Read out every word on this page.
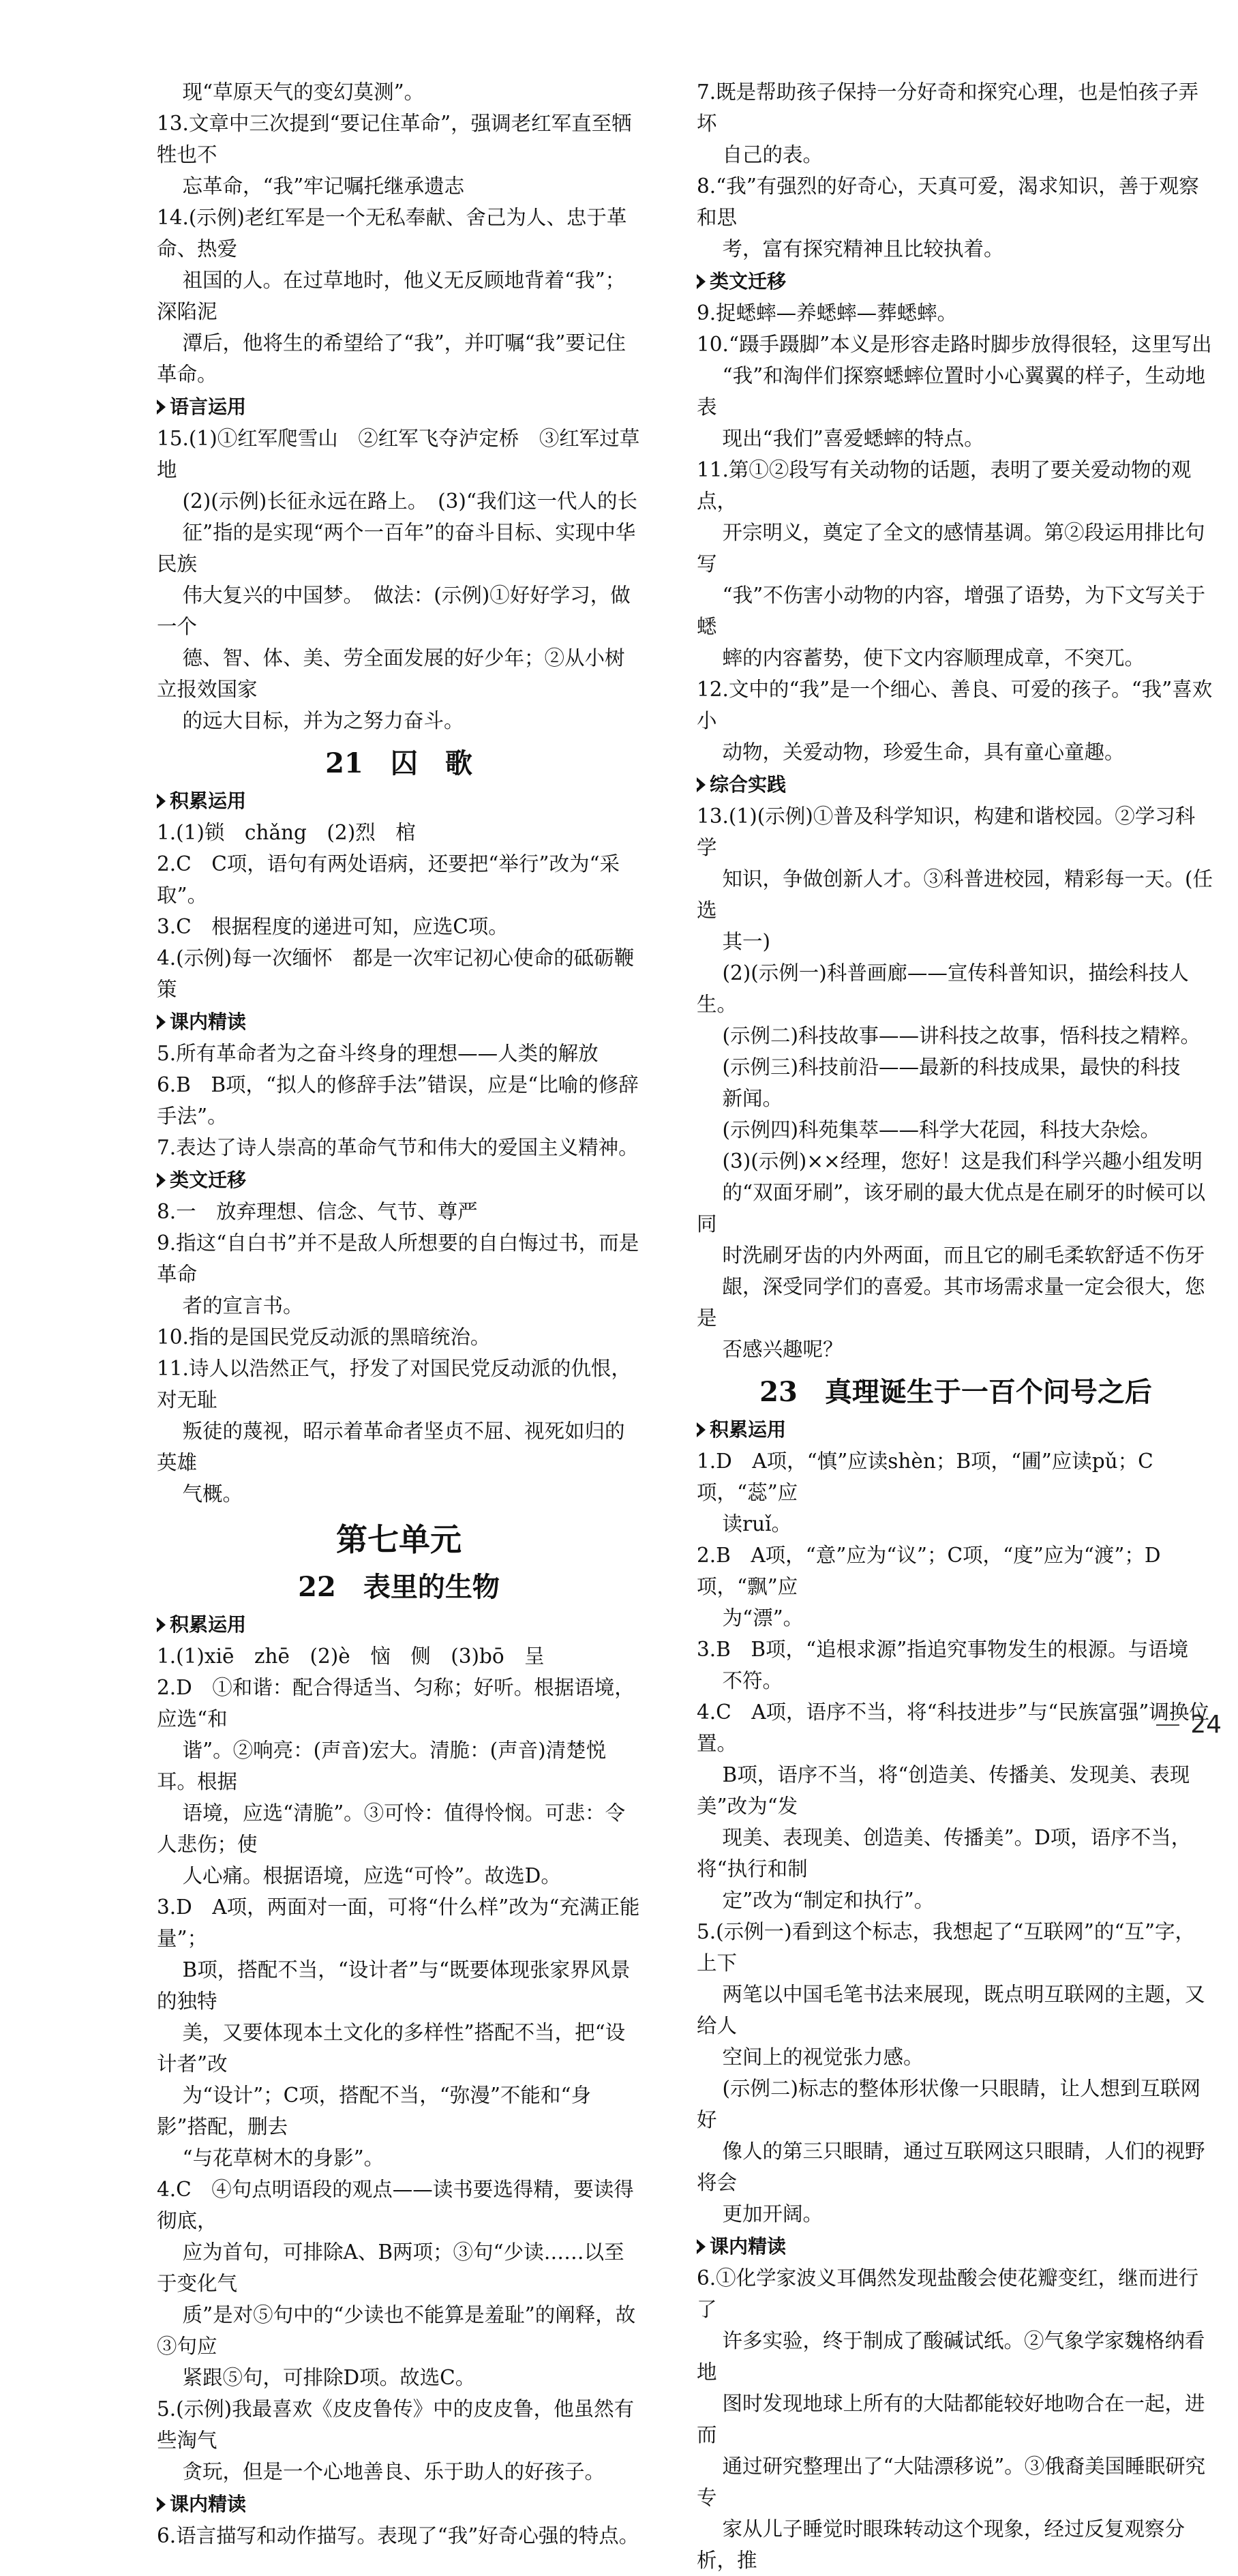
现“草原天气的变幻莫测”。
13.文章中三次提到“要记住革命”，强调老红军直至牺牲也不
忘革命，“我”牢记嘱托继承遗志
14.(示例)老红军是一个无私奉献、舍己为人、忠于革命、热爱
祖国的人。在过草地时，他义无反顾地背着“我”；深陷泥
潭后，他将生的希望给了“我”，并叮嘱“我”要记住革命。
语言运用
15.(1)①红军爬雪山　②红军飞夺泸定桥　③红军过草地
(2)(示例)长征永远在路上。　(3)“我们这一代人的长
征”指的是实现“两个一百年”的奋斗目标、实现中华民族
伟大复兴的中国梦。　做法：(示例)①好好学习，做一个
德、智、体、美、劳全面发展的好少年；②从小树立报效国家
的远大目标，并为之努力奋斗。
21　囚　歌
积累运用
1.(1)锁　chǎng　(2)烈　棺
2.C　C项，语句有两处语病，还要把“举行”改为“采取”。
3.C　根据程度的递进可知，应选C项。
4.(示例)每一次缅怀　都是一次牢记初心使命的砥砺鞭策
课内精读
5.所有革命者为之奋斗终身的理想——人类的解放
6.B　B项，“拟人的修辞手法”错误，应是“比喻的修辞手法”。
7.表达了诗人崇高的革命气节和伟大的爱国主义精神。
类文迁移
8.一　放弃理想、信念、气节、尊严
9.指这“自白书”并不是敌人所想要的自白悔过书，而是革命
者的宣言书。
10.指的是国民党反动派的黑暗统治。
11.诗人以浩然正气，抒发了对国民党反动派的仇恨，对无耻
叛徒的蔑视，昭示着革命者坚贞不屈、视死如归的英雄
气概。
第七单元
22　表里的生物
积累运用
1.(1)xiē　zhē　(2)è　恼　侧　(3)bō　呈
2.D　①和谐：配合得适当、匀称；好听。根据语境，应选“和
谐”。②响亮：(声音)宏大。清脆：(声音)清楚悦耳。根据
语境，应选“清脆”。③可怜：值得怜悯。可悲：令人悲伤；使
人心痛。根据语境，应选“可怜”。故选D。
3.D　A项，两面对一面，可将“什么样”改为“充满正能量”；
B项，搭配不当，“设计者”与“既要体现张家界风景的独特
美，又要体现本土文化的多样性”搭配不当，把“设计者”改
为“设计”；C项，搭配不当，“弥漫”不能和“身影”搭配，删去
“与花草树木的身影”。
4.C　④句点明语段的观点——读书要选得精，要读得彻底，
应为首句，可排除A、B两项；③句“少读……以至于变化气
质”是对⑤句中的“少读也不能算是羞耻”的阐释，故③句应
紧跟⑤句，可排除D项。故选C。
5.(示例)我最喜欢《皮皮鲁传》中的皮皮鲁，他虽然有些淘气
贪玩，但是一个心地善良、乐于助人的好孩子。
课内精读
6.语言描写和动作描写。表现了“我”好奇心强的特点。
7.既是帮助孩子保持一分好奇和探究心理，也是怕孩子弄坏
自己的表。
8.“我”有强烈的好奇心，天真可爱，渴求知识，善于观察和思
考，富有探究精神且比较执着。
类文迁移
9.捉蟋蟀—养蟋蟀—葬蟋蟀。
10.“蹑手蹑脚”本义是形容走路时脚步放得很轻，这里写出
“我”和淘伴们探察蟋蟀位置时小心翼翼的样子，生动地表
现出“我们”喜爱蟋蟀的特点。
11.第①②段写有关动物的话题，表明了要关爱动物的观点，
开宗明义，奠定了全文的感情基调。第②段运用排比句写
“我”不伤害小动物的内容，增强了语势，为下文写关于蟋
蟀的内容蓄势，使下文内容顺理成章，不突兀。
12.文中的“我”是一个细心、善良、可爱的孩子。“我”喜欢小
动物，关爱动物，珍爱生命，具有童心童趣。
综合实践
13.(1)(示例)①普及科学知识，构建和谐校园。②学习科学
知识，争做创新人才。③科普进校园，精彩每一天。(任选
其一)
(2)(示例一)科普画廊——宣传科普知识，描绘科技人生。
(示例二)科技故事——讲科技之故事，悟科技之精粹。
(示例三)科技前沿——最新的科技成果，最快的科技
新闻。
(示例四)科苑集萃——科学大花园，科技大杂烩。
(3)(示例)××经理，您好！这是我们科学兴趣小组发明
的“双面牙刷”，该牙刷的最大优点是在刷牙的时候可以同
时洗刷牙齿的内外两面，而且它的刷毛柔软舒适不伤牙
龈，深受同学们的喜爱。其市场需求量一定会很大，您是
否感兴趣呢？
23　真理诞生于一百个问号之后
积累运用
1.D　A项，“慎”应读shèn；B项，“圃”应读pǔ；C项，“蕊”应
读ruǐ。
2.B　A项，“意”应为“议”；C项，“度”应为“渡”；D项，“飘”应
为“漂”。
3.B　B项，“追根求源”指追究事物发生的根源。与语境
不符。
4.C　A项，语序不当，将“科技进步”与“民族富强”调换位置。
B项，语序不当，将“创造美、传播美、发现美、表现美”改为“发
现美、表现美、创造美、传播美”。D项，语序不当，将“执行和制
定”改为“制定和执行”。
5.(示例一)看到这个标志，我想起了“互联网”的“互”字，上下
两笔以中国毛笔书法来展现，既点明互联网的主题，又给人
空间上的视觉张力感。
(示例二)标志的整体形状像一只眼睛，让人想到互联网好
像人的第三只眼睛，通过互联网这只眼睛，人们的视野将会
更加开阔。
课内精读
6.①化学家波义耳偶然发现盐酸会使花瓣变红，继而进行了
许多实验，终于制成了酸碱试纸。②气象学家魏格纳看地
图时发现地球上所有的大陆都能较好地吻合在一起，进而
通过研究整理出了“大陆漂移说”。③俄裔美国睡眠研究专
家从儿子睡觉时眼珠转动这个现象，经过反复观察分析，推
24
